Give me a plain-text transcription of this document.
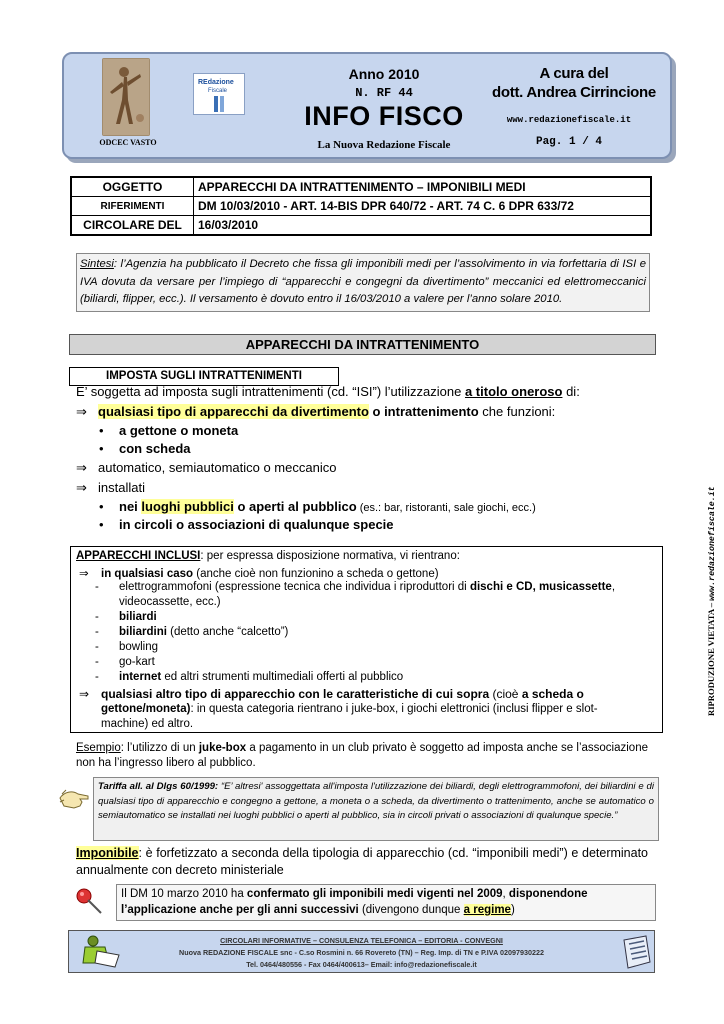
ODCEC VASTO
REdazione
Fiscale
Anno 2010
N. RF 44
INFO FISCO
La Nuova Redazione Fiscale
A cura del
dott. Andrea Cirrincione
www.redazionefiscale.it
Pag. 1 / 4
OGGETTO	APPARECCHI DA INTRATTENIMENTO – IMPONIBILI MEDI
RIFERIMENTI	DM 10/03/2010 - ART. 14-BIS DPR 640/72 - ART. 74 C. 6 DPR 633/72
CIRCOLARE DEL	16/03/2010
Sintesi: l’Agenzia ha pubblicato il Decreto che fissa gli imponibili medi per l’assolvimento in via forfettaria di ISI e IVA dovuta da versare per l’impiego di “apparecchi e congegni da divertimento” meccanici ed elettromeccanici (biliardi, flipper, ecc.). Il versamento è dovuto entro il 16/03/2010 a valere per l’anno solare 2010.
APPARECCHI DA INTRATTENIMENTO
IMPOSTA SUGLI INTRATTENIMENTI
E’ soggetta ad imposta sugli intrattenimenti (cd. “ISI”) l’utilizzazione a titolo oneroso di:
⇒ qualsiasi tipo di apparecchi da divertimento o intrattenimento che funzioni:
• a gettone o moneta
• con scheda
⇒ automatico, semiautomatico o meccanico
⇒ installati
• nei luoghi pubblici o aperti al pubblico (es.: bar, ristoranti, sale giochi, ecc.)
• in circoli o associazioni di qualunque specie
APPARECCHI INCLUSI: per espressa disposizione normativa, vi rientrano:
⇒ in qualsiasi caso (anche cioè non funzionino a scheda o gettone)
- elettrogrammofoni (espressione tecnica che individua i riproduttori di dischi e CD, musicassette,
videocassette, ecc.)
- biliardi
- biliardini (detto anche “calcetto”)
- bowling
- go-kart
- internet ed altri strumenti multimediali offerti al pubblico
⇒ qualsiasi altro tipo di apparecchio con le caratteristiche di cui sopra (cioè a scheda o
gettone/moneta): in questa categoria rientrano i juke-box, i giochi elettronici (inclusi flipper e slot-
machine) ed altro.
Esempio: l’utilizzo di un juke-box a pagamento in un club privato è soggetto ad imposta anche se l’associazione non ha l’ingresso libero al pubblico.
Tariffa all. al Dlgs 60/1999: “E’ altresi' assoggettata all'imposta l'utilizzazione dei biliardi, degli elettrogrammofoni, dei biliardini e di qualsiasi tipo di apparecchio e congegno a gettone, a moneta o a scheda, da divertimento o trattenimento, anche se automatico o semiautomatico se installati nei luoghi pubblici o aperti al pubblico, sia in circoli privati o associazioni di qualunque specie.”
Imponibile: è forfetizzato a seconda della tipologia di apparecchio (cd. “imponibili medi”) e determinato annualmente con decreto ministeriale
Il DM 10 marzo 2010 ha confermato gli imponibili medi vigenti nel 2009, disponendone l’applicazione anche per gli anni successivi (divengono dunque a regime)
CIRCOLARI INFORMATIVE – CONSULENZA TELEFONICA – EDITORIA - CONVEGNI
Nuova REDAZIONE FISCALE snc - C.so Rosmini n. 66 Rovereto (TN) – Reg. Imp. di TN e P.IVA 02097930222
Tel. 0464/480556 - Fax 0464/400613– Email: info@redazionefiscale.it
RIPRODUZIONE VIETATA – www.redazionefiscale.it
